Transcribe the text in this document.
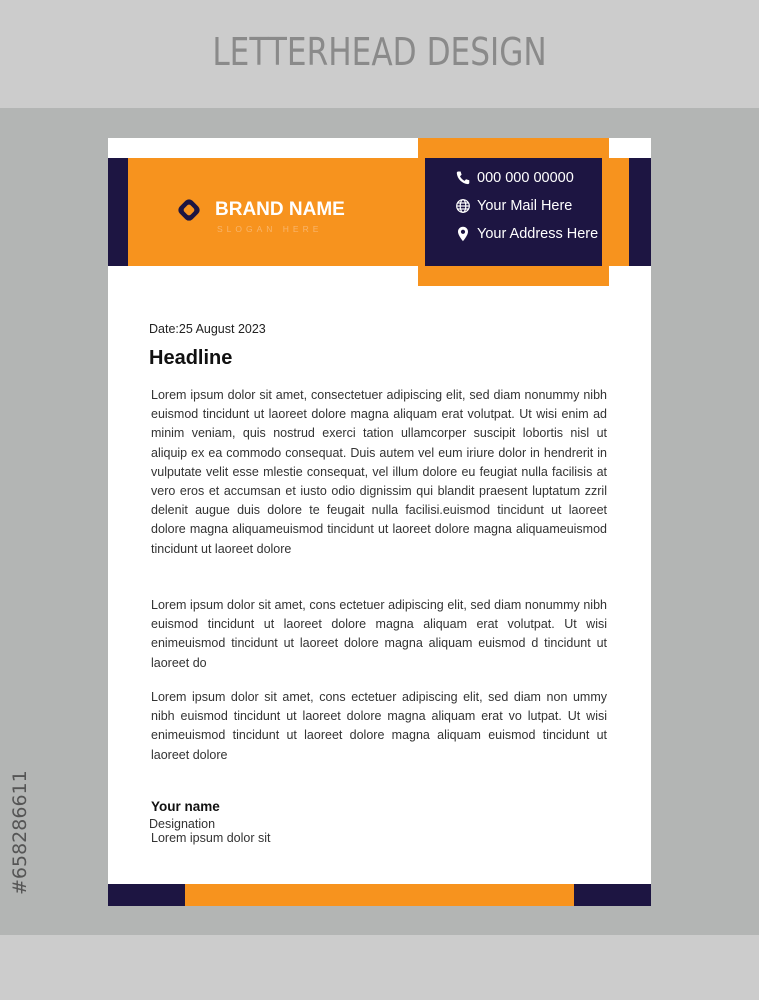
LETTERHEAD DESIGN
#658286611
BRAND NAME
SLOGAN HERE
000 000 00000
Your Mail Here
Your Address Here
Date:25 August 2023
Headline

Lorem ipsum dolor sit amet, consectetuer adipiscing elit, sed diam nonummy nibh euismod tincidunt ut laoreet dolore magna aliquam erat volutpat. Ut wisi enim ad minim veniam, quis nostrud exerci tation ullamcorper suscipit lobortis nisl ut aliquip ex ea commodo consequat. Duis autem vel eum iriure dolor in hendrerit in vulputate velit esse mlestie consequat, vel illum dolore eu feugiat nulla facilisis at vero eros et accumsan et iusto odio dignissim qui blandit praesent luptatum zzril delenit augue duis dolore te feugait nulla facilisi.euismod tincidunt ut laoreet dolore magna aliquameuismod tincidunt ut laoreet dolore magna aliquameuismod tincidunt ut laoreet dolore

Lorem ipsum dolor sit amet, cons ectetuer adipiscing elit, sed diam nonummy nibh euismod tincidunt ut laoreet dolore magna aliquam erat volutpat. Ut wisi enimeuismod tincidunt ut laoreet dolore magna aliquam euismod d tincidunt ut laoreet do

Lorem ipsum dolor sit amet, cons ectetuer adipiscing elit, sed diam non ummy nibh euismod tincidunt ut laoreet dolore magna aliquam erat vo lutpat. Ut wisi enimeuismod tincidunt ut laoreet dolore magna aliquam euismod tincidunt ut laoreet dolore

Your name
Designation
Lorem ipsum dolor sit
